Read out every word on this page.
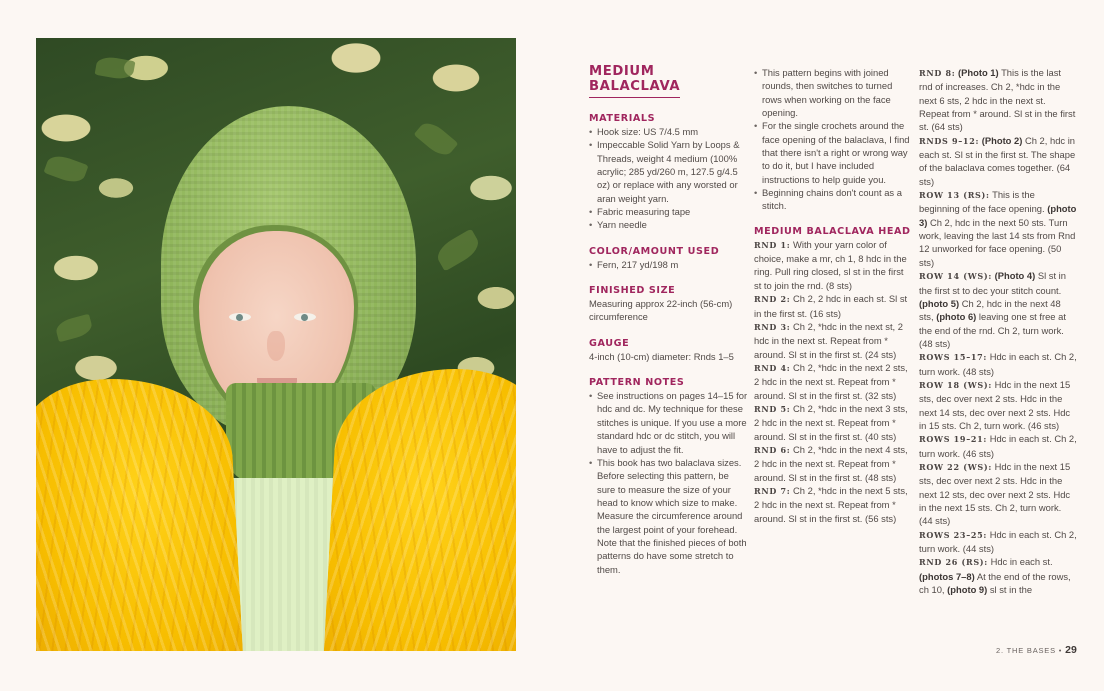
MEDIUM
BALACLAVA
MATERIALS
• Hook size: US 7/4.5 mm
• Impeccable Solid Yarn by Loops & Threads, weight 4 medium (100% acrylic; 285 yd/260 m, 127.5 g/4.5 oz) or replace with any worsted or aran weight yarn.
• Fabric measuring tape
• Yarn needle
COLOR/AMOUNT USED
• Fern, 217 yd/198 m
FINISHED SIZE
Measuring approx 22-inch (56-cm) circumference
GAUGE
4-inch (10-cm) diameter: Rnds 1–5
PATTERN NOTES
• See instructions on pages 14–15 for hdc and dc. My technique for these stitches is unique. If you use a more standard hdc or dc stitch, you will have to adjust the fit.
• This book has two balaclava sizes. Before selecting this pattern, be sure to measure the size of your head to know which size to make. Measure the circumference around the largest point of your forehead. Note that the finished pieces of both patterns do have some stretch to them.
• This pattern begins with joined rounds, then switches to turned rows when working on the face opening.
• For the single crochets around the face opening of the balaclava, I find that there isn't a right or wrong way to do it, but I have included instructions to help guide you.
• Beginning chains don't count as a stitch.
MEDIUM BALACLAVA HEAD
RND 1: With your yarn color of choice, make a mr, ch 1, 8 hdc in the ring. Pull ring closed, sl st in the first st to join the rnd. (8 sts)
RND 2: Ch 2, 2 hdc in each st. Sl st in the first st. (16 sts)
RND 3: Ch 2, *hdc in the next st, 2 hdc in the next st. Repeat from * around. Sl st in the first st. (24 sts)
RND 4: Ch 2, *hdc in the next 2 sts, 2 hdc in the next st. Repeat from * around. Sl st in the first st. (32 sts)
RND 5: Ch 2, *hdc in the next 3 sts, 2 hdc in the next st. Repeat from * around. Sl st in the first st. (40 sts)
RND 6: Ch 2, *hdc in the next 4 sts, 2 hdc in the next st. Repeat from * around. Sl st in the first st. (48 sts)
RND 7: Ch 2, *hdc in the next 5 sts, 2 hdc in the next st. Repeat from * around. Sl st in the first st. (56 sts)
RND 8: (Photo 1) This is the last rnd of increases. Ch 2, *hdc in the next 6 sts, 2 hdc in the next st. Repeat from * around. Sl st in the first st. (64 sts)
RNDS 9–12: (Photo 2) Ch 2, hdc in each st. Sl st in the first st. The shape of the balaclava comes together. (64 sts)
ROW 13 (RS): This is the beginning of the face opening. (photo 3) Ch 2, hdc in the next 50 sts. Turn work, leaving the last 14 sts from Rnd 12 unworked for face opening. (50 sts)
ROW 14 (WS): (Photo 4) Sl st in the first st to dec your stitch count. (photo 5) Ch 2, hdc in the next 48 sts, (photo 6) leaving one st free at the end of the rnd. Ch 2, turn work. (48 sts)
ROWS 15–17: Hdc in each st. Ch 2, turn work. (48 sts)
ROW 18 (WS): Hdc in the next 15 sts, dec over next 2 sts. Hdc in the next 14 sts, dec over next 2 sts. Hdc in 15 sts. Ch 2, turn work. (46 sts)
ROWS 19–21: Hdc in each st. Ch 2, turn work. (46 sts)
ROW 22 (WS): Hdc in the next 15 sts, dec over next 2 sts. Hdc in the next 12 sts, dec over next 2 sts. Hdc in the next 15 sts. Ch 2, turn work. (44 sts)
ROWS 23–25: Hdc in each st. Ch 2, turn work. (44 sts)
RND 26 (RS): Hdc in each st. (photos 7–8) At the end of the rows, ch 10, (photo 9) sl st in the
2. THE BASES • 29
